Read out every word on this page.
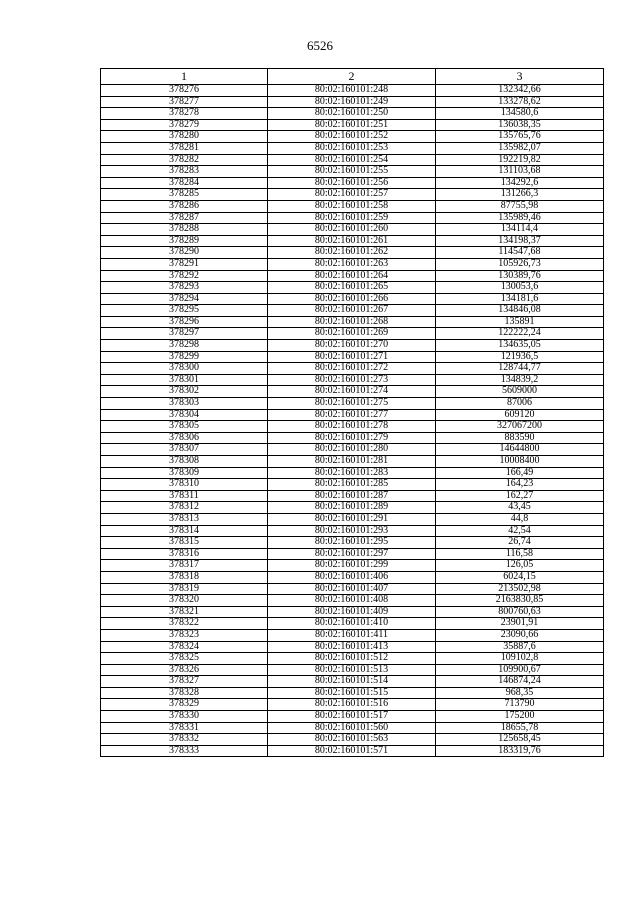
6526
1	2	3
378276	80:02:160101:248	132342,66
378277	80:02:160101:249	133278,62
378278	80:02:160101:250	134580,6
378279	80:02:160101:251	136038,35
378280	80:02:160101:252	135765,76
378281	80:02:160101:253	135982,07
378282	80:02:160101:254	192219,82
378283	80:02:160101:255	131103,68
378284	80:02:160101:256	134292,6
378285	80:02:160101:257	131266,3
378286	80:02:160101:258	87755,98
378287	80:02:160101:259	135989,46
378288	80:02:160101:260	134114,4
378289	80:02:160101:261	134198,37
378290	80:02:160101:262	114547,68
378291	80:02:160101:263	105926,73
378292	80:02:160101:264	130389,76
378293	80:02:160101:265	130053,6
378294	80:02:160101:266	134181,6
378295	80:02:160101:267	134846,08
378296	80:02:160101:268	135891
378297	80:02:160101:269	122222,24
378298	80:02:160101:270	134635,05
378299	80:02:160101:271	121936,5
378300	80:02:160101:272	128744,77
378301	80:02:160101:273	134839,2
378302	80:02:160101:274	5609000
378303	80:02:160101:275	87006
378304	80:02:160101:277	609120
378305	80:02:160101:278	327067200
378306	80:02:160101:279	883590
378307	80:02:160101:280	14644800
378308	80:02:160101:281	10008400
378309	80:02:160101:283	166,49
378310	80:02:160101:285	164,23
378311	80:02:160101:287	162,27
378312	80:02:160101:289	43,45
378313	80:02:160101:291	44,8
378314	80:02:160101:293	42,54
378315	80:02:160101:295	26,74
378316	80:02:160101:297	116,58
378317	80:02:160101:299	126,05
378318	80:02:160101:406	6024,15
378319	80:02:160101:407	213502,98
378320	80:02:160101:408	2163830,85
378321	80:02:160101:409	800760,63
378322	80:02:160101:410	23901,91
378323	80:02:160101:411	23090,66
378324	80:02:160101:413	35887,6
378325	80:02:160101:512	109102,8
378326	80:02:160101:513	109900,67
378327	80:02:160101:514	146874,24
378328	80:02:160101:515	968,35
378329	80:02:160101:516	713790
378330	80:02:160101:517	175200
378331	80:02:160101:560	18655,78
378332	80:02:160101:563	125658,45
378333	80:02:160101:571	183319,76
